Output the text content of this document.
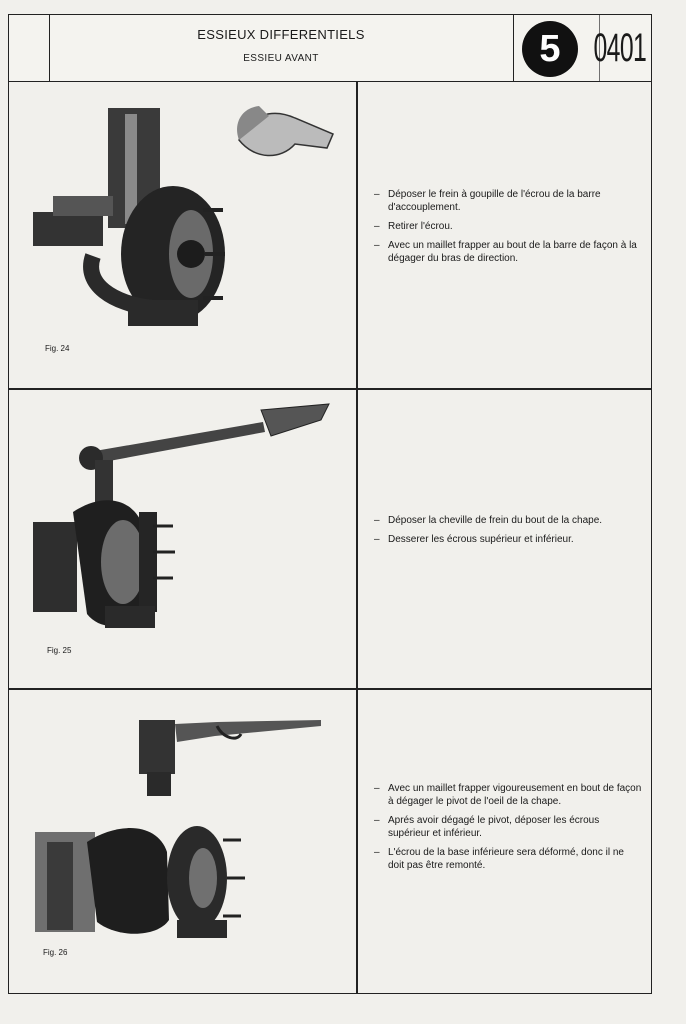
ESSIEUX DIFFERENTIELS
ESSIEU AVANT	5 0401
Fig. 24
– Déposer le frein à goupille de l'écrou de la barre d'accouplement.
– Retirer l'écrou.
– Avec un maillet frapper au bout de la barre de façon à la dégager du bras de direction.
Fig. 25
– Déposer la cheville de frein du bout de la chape.
– Desserer les écrous supérieur et inférieur.
Fig. 26
– Avec un maillet frapper vigoureusement en bout de façon à dégager le pivot de l'oeil de la chape.
– Aprés avoir dégagé le pivot, déposer les écrous supérieur et inférieur.
– L'écrou de la base inférieure sera déformé, donc il ne doit pas être remonté.
